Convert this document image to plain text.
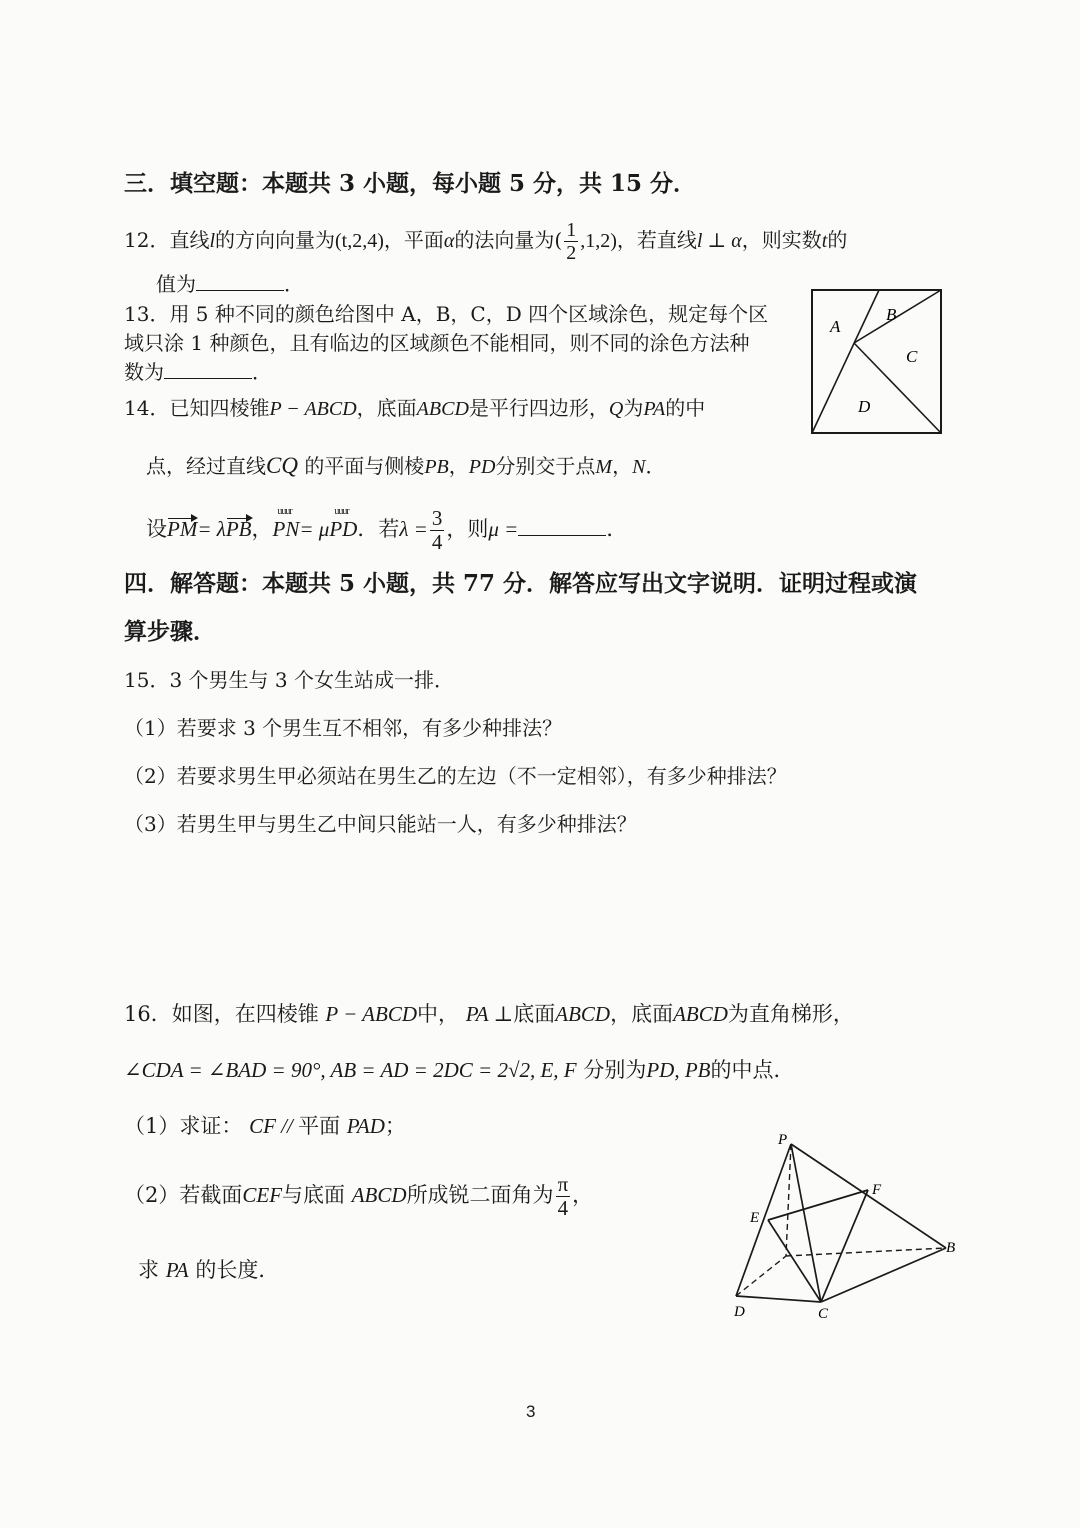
三．填空题：本题共 3 小题，每小题 5 分，共 15 分．
12．直线l的方向向量为(t,2,4)，平面α的法向量为( $\frac{1}{2} ,1,2$)，若直线l ⊥ α，则实数t的
值为	．
13．用 5 种不同的颜色给图中 A，B，C，D 四个区域涂色，规定每个区
域只涂 1 种颜色，且有临边的区域颜色不能相同，则不同的涂色方法种
数为	．
A
B
C
D
14．已知四棱锥P − ABCD，底面ABCD是平行四边形，Q为PA的中
点，经过直线CQ 的平面与侧棱PB，PD分别交于点M，N．
设PM= λPB，
uuur
PN= μ
uuur
PD．若$\lambda = \frac{3}{4}$ ，则μ =	．
四．解答题：本题共 5 小题，共 77 分．解答应写出文字说明．证明过程或演
算步骤．
15．3 个男生与 3 个女生站成一排．
（1）若要求 3 个男生互不相邻，有多少种排法？
（2）若要求男生甲必须站在男生乙的左边（不一定相邻），有多少种排法？
（3）若男生甲与男生乙中间只能站一人，有多少种排法？
16．如图，在四棱锥 P − ABCD中， PA ⊥底面ABCD，底面ABCD为直角梯形，
∠CDA = ∠BAD = 90°, AB = AD = 2DC = 2√2, E, F 分别为PD, PB的中点．
（1）求证： CF // 平面 PAD；
（2）若截面CEF与底面 ABCD所成锐二面角为 $\frac{\pi}{4}$ ，
求 PA 的长度．
P
F
E
B
D	C
3
